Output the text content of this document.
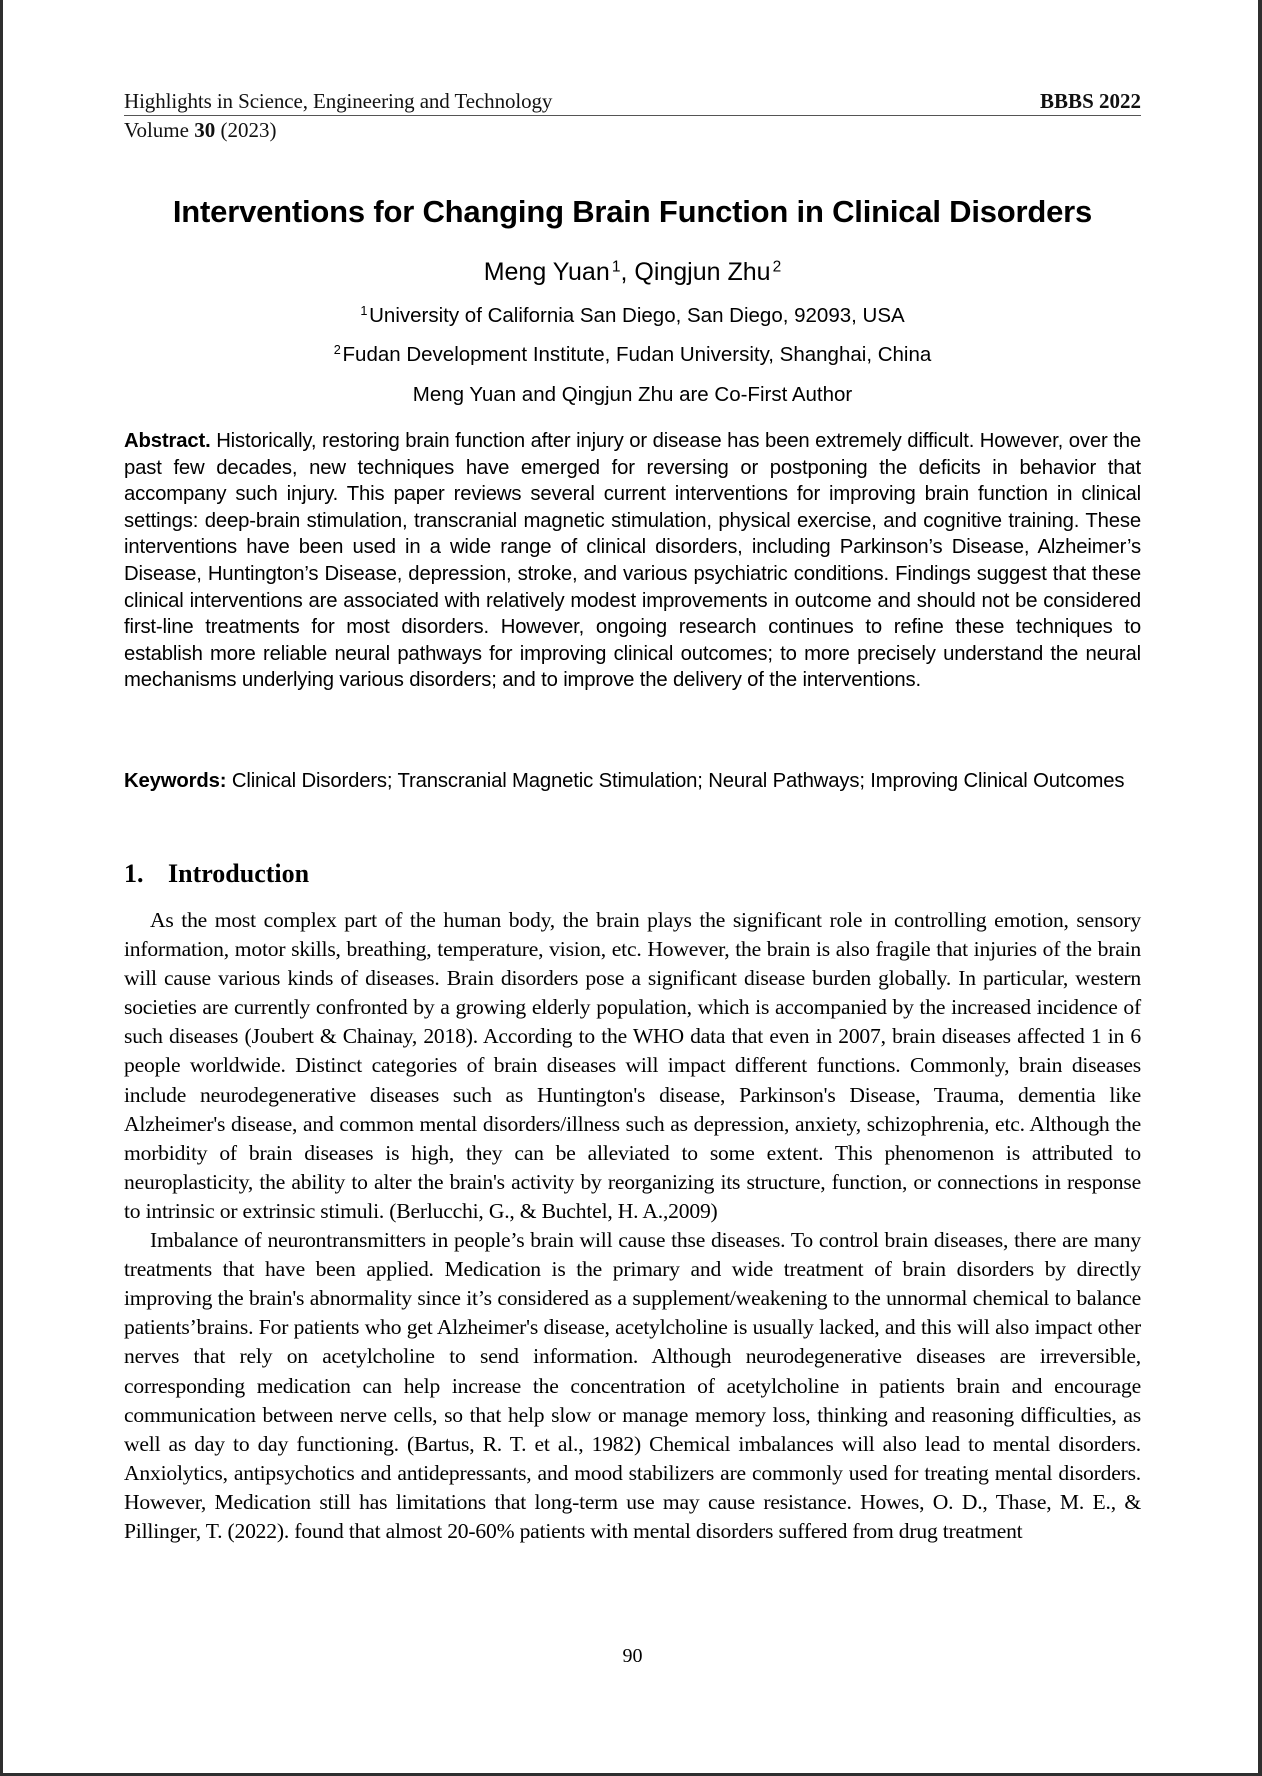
Highlights in Science, Engineering and Technology	BBBS 2022
Volume 30 (2023)
Interventions for Changing Brain Function in Clinical Disorders
Meng Yuan  $^1$, Qingjun Zhu  $^2$
$^1$ University of California San Diego, San Diego, 92093, USA
$^2$ Fudan Development Institute, Fudan University, Shanghai, China
Meng Yuan and Qingjun Zhu are Co-First Author

Abstract. Historically, restoring brain function after injury or disease has been extremely difficult. However, over the past few decades, new techniques have emerged for reversing or postponing the deficits in behavior that accompany such injury. This paper reviews several current interventions for improving brain function in clinical settings: deep-brain stimulation, transcranial magnetic stimulation, physical exercise, and cognitive training. These interventions have been used in a wide range of clinical disorders, including Parkinson’s Disease, Alzheimer’s Disease, Huntington’s Disease, depression, stroke, and various psychiatric conditions. Findings suggest that these clinical interventions are associated with relatively modest improvements in outcome and should not be considered first-line treatments for most disorders. However, ongoing research continues to refine these techniques to establish more reliable neural pathways for improving clinical outcomes; to more precisely understand the neural mechanisms underlying various disorders; and to improve the delivery of the interventions.

Keywords: Clinical Disorders; Transcranial Magnetic Stimulation; Neural Pathways; Improving Clinical Outcomes

1. Introduction

As the most complex part of the human body, the brain plays the significant role in controlling emotion, sensory information, motor skills, breathing, temperature, vision, etc. However, the brain is also fragile that injuries of the brain will cause various kinds of diseases. Brain disorders pose a significant disease burden globally. In particular, western societies are currently confronted by a growing elderly population, which is accompanied by the increased incidence of such diseases (Joubert & Chainay, 2018). According to the WHO data that even in 2007, brain diseases affected 1 in 6 people worldwide. Distinct categories of brain diseases will impact different functions. Commonly, brain diseases include neurodegenerative diseases such as Huntington's disease, Parkinson's Disease, Trauma, dementia like Alzheimer's disease, and common mental disorders/illness such as depression, anxiety, schizophrenia, etc. Although the morbidity of brain diseases is high, they can be alleviated to some extent. This phenomenon is attributed to neuroplasticity, the ability to alter the brain's activity by reorganizing its structure, function, or connections in response to intrinsic or extrinsic stimuli. (Berlucchi, G., & Buchtel, H. A.,2009)

Imbalance of neurontransmitters in people’s brain will cause thse diseases. To control brain diseases, there are many treatments that have been applied. Medication is the primary and wide treatment of brain disorders by directly improving the brain's abnormality since it’s considered as a supplement/weakening to the unnormal chemical to balance patients’brains. For patients who get Alzheimer's disease, acetylcholine is usually lacked, and this will also impact other nerves that rely on acetylcholine to send information. Although neurodegenerative diseases are irreversible, corresponding medication can help increase the concentration of acetylcholine in patients brain and encourage communication between nerve cells, so that help slow or manage memory loss, thinking and reasoning difficulties, as well as day to day functioning. (Bartus, R. T. et al., 1982) Chemical imbalances will also lead to mental disorders. Anxiolytics, antipsychotics and antidepressants, and mood stabilizers are commonly used for treating mental disorders. However, Medication still has limitations that long-term use may cause resistance. Howes, O. D., Thase, M. E., & Pillinger, T. (2022). found that almost 20-60% patients with mental disorders suffered from drug treatment

90
